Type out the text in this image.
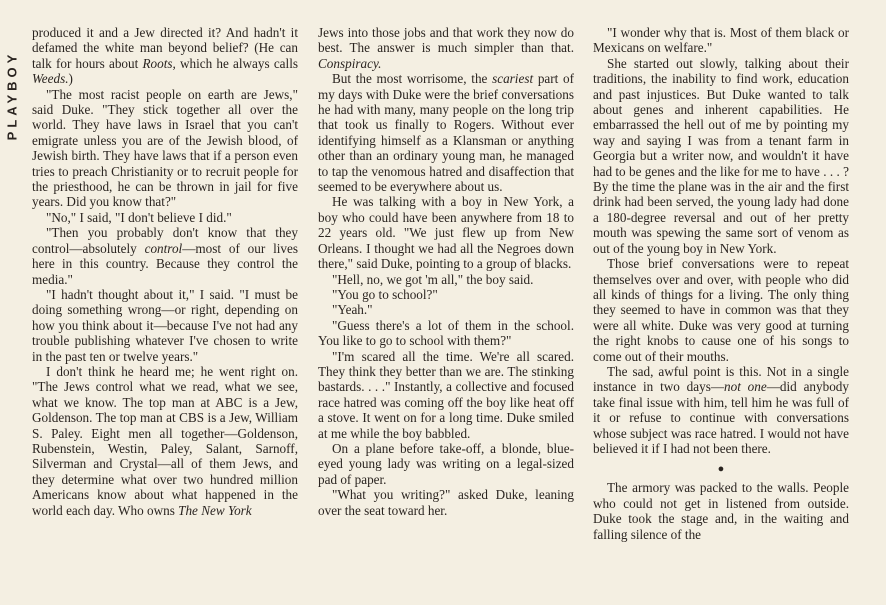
PLAYBOY

produced it and a Jew directed it? And hadn't it defamed the white man beyond belief? (He can talk for hours about Roots, which he always calls Weeds.)

"The most racist people on earth are Jews," said Duke. "They stick together all over the world. They have laws in Israel that you can't emigrate unless you are of the Jewish blood, of Jewish birth. They have laws that if a person even tries to preach Christianity or to recruit people for the priesthood, he can be thrown in jail for five years. Did you know that?"

"No," I said, "I don't believe I did."

"Then you probably don't know that they control—absolutely control—most of our lives here in this country. Because they control the media."

"I hadn't thought about it," I said. "I must be doing something wrong—or right, depending on how you think about it—because I've not had any trouble publishing whatever I've chosen to write in the past ten or twelve years."

I don't think he heard me; he went right on. "The Jews control what we read, what we see, what we know. The top man at ABC is a Jew, Goldenson. The top man at CBS is a Jew, William S. Paley. Eight men all together—Goldenson, Rubenstein, Westin, Paley, Salant, Sarnoff, Silverman and Crystal—all of them Jews, and they determine what over two hundred million Americans know about what happened in the world each day. Who owns The New York

Jews into those jobs and that work they now do best. The answer is much simpler than that. Conspiracy.

But the most worrisome, the scariest part of my days with Duke were the brief conversations he had with many, many people on the long trip that took us finally to Rogers. Without ever identifying himself as a Klansman or anything other than an ordinary young man, he managed to tap the venomous hatred and disaffection that seemed to be everywhere about us.

He was talking with a boy in New York, a boy who could have been anywhere from 18 to 22 years old. "We just flew up from New Orleans. I thought we had all the Negroes down there," said Duke, pointing to a group of blacks.

"Hell, no, we got 'm all," the boy said.

"You go to school?"

"Yeah."

"Guess there's a lot of them in the school. You like to go to school with them?"

"I'm scared all the time. We're all scared. They think they better than we are. The stinking bastards. . . ." Instantly, a collective and focused race hatred was coming off the boy like heat off a stove. It went on for a long time. Duke smiled at me while the boy babbled.

On a plane before take-off, a blonde, blue-eyed young lady was writing on a legal-sized pad of paper.

"What you writing?" asked Duke, leaning over the seat toward her.

"I wonder why that is. Most of them black or Mexicans on welfare."

She started out slowly, talking about their traditions, the inability to find work, education and past injustices. But Duke wanted to talk about genes and inherent capabilities. He embarrassed the hell out of me by pointing my way and saying I was from a tenant farm in Georgia but a writer now, and wouldn't it have had to be genes and the like for me to have . . . ? By the time the plane was in the air and the first drink had been served, the young lady had done a 180-degree reversal and out of her pretty mouth was spewing the same sort of venom as out of the young boy in New York.

Those brief conversations were to repeat themselves over and over, with people who did all kinds of things for a living. The only thing they seemed to have in common was that they were all white. Duke was very good at turning the right knobs to cause one of his songs to come out of their mouths.

The sad, awful point is this. Not in a single instance in two days—not one—did anybody take final issue with him, tell him he was full of it or refuse to continue with conversations whose subject was race hatred. I would not have believed it if I had not been there.

●

The armory was packed to the walls. People who could not get in listened from outside. Duke took the stage and, in the waiting and falling silence of the
